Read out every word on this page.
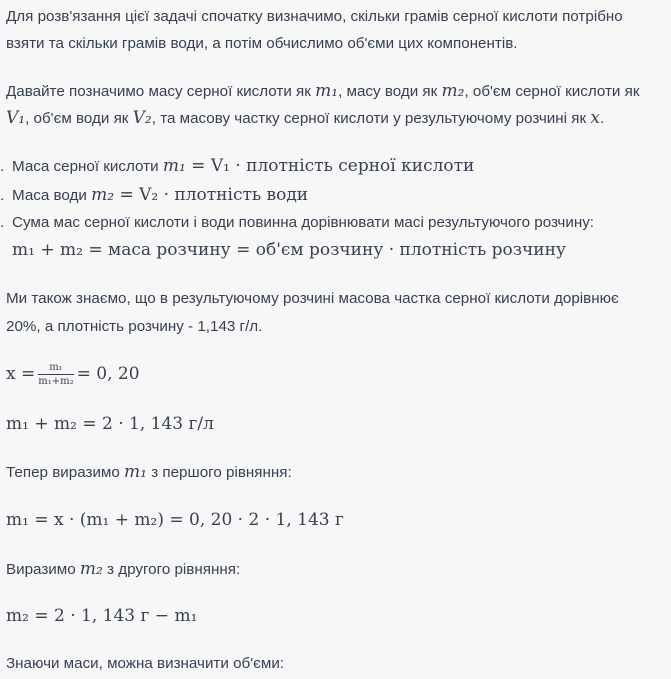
Для розв'язання цієї задачі спочатку визначимо, скільки грамів серної кислоти потрібно

взяти та скільки грамів води, а потім обчислимо об'єми цих компонентів.

Давайте позначимо масу серної кислоти як m₁, масу води як m₂, об'єм серної кислоти як

V₁, об'єм води як V₂, та масову частку серної кислоти у результуючому розчині як x.

. Маса серної кислоти m₁ = V₁ · плотність серної кислоти

. Маса води m₂ = V₂ · плотність води

. Сума мас серної кислоти і води повинна дорівнювати масі результуючого розчину:

m₁ + m₂ = маса розчину = об'єм розчину · плотність розчину

Ми також знаємо, що в результуючому розчині масова частка серної кислоти дорівнює

20%, а плотність розчину - 1,143 г/л.

$x = \frac{\text{m₁}}{\text{m₁+m₂}} = 0$, 20

m₁ + m₂ = 2 · 1, 143 г/л

Тепер виразимо m₁ з першого рівняння:

m₁ = x · (m₁ + m₂) = 0, 20 · 2 · 1, 143 г

Виразимо m₂ з другого рівняння:

m₂ = 2 · 1, 143 г − m₁

Знаючи маси, можна визначити об'єми:
